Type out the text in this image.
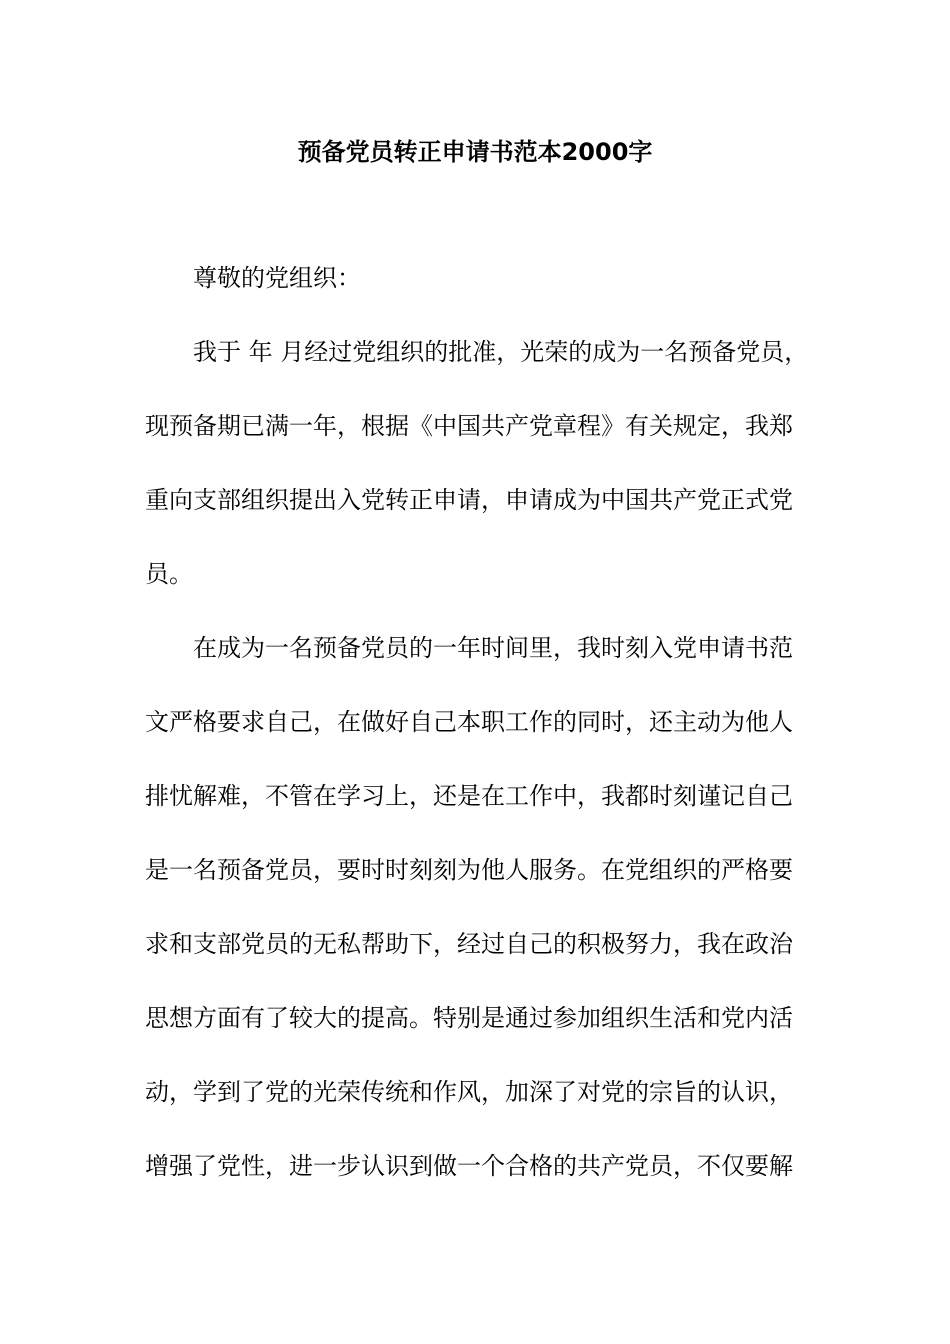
预备党员转正申请书范本2000字

尊敬的党组织：

我于 年 月经过党组织的批准，光荣的成为一名预备党员，

现预备期已满一年，根据《中国共产党章程》有关规定，我郑

重向支部组织提出入党转正申请，申请成为中国共产党正式党

员。

在成为一名预备党员的一年时间里，我时刻入党申请书范

文严格要求自己，在做好自己本职工作的同时，还主动为他人

排忧解难，不管在学习上，还是在工作中，我都时刻谨记自己

是一名预备党员，要时时刻刻为他人服务。在党组织的严格要

求和支部党员的无私帮助下，经过自己的积极努力，我在政治

思想方面有了较大的提高。特别是通过参加组织生活和党内活

动，学到了党的光荣传统和作风，加深了对党的宗旨的认识，

增强了党性，进一步认识到做一个合格的共产党员，不仅要解
